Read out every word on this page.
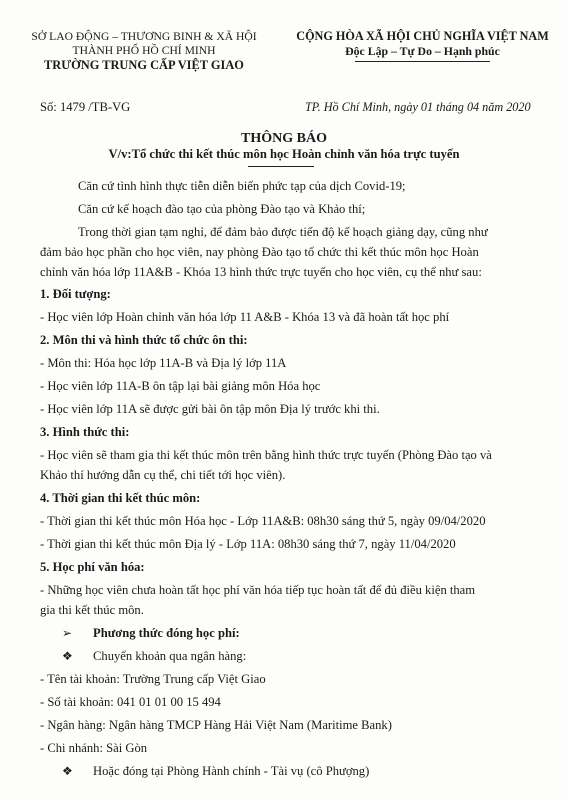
SỞ LAO ĐỘNG – THƯƠNG BINH & XÃ HỘI
THÀNH PHỐ HỒ CHÍ MINH
TRƯỜNG TRUNG CẤP VIỆT GIAO
CỘNG HÒA XÃ HỘI CHỦ NGHĨA VIỆT NAM
Độc Lập – Tự Do – Hạnh phúc
Số: 1479 /TB-VG	TP. Hồ Chí Minh, ngày 01 tháng 04 năm 2020
THÔNG BÁO
V/v:Tổ chức thi kết thúc môn học Hoàn chỉnh văn hóa trực tuyến
Căn cứ tình hình thực tiễn diễn biến phức tạp của dịch Covid-19;
Căn cứ kế hoạch đào tạo của phòng Đào tạo và Khảo thí;
Trong thời gian tạm nghỉ, để đảm bảo được tiến độ kế hoạch giảng dạy, cũng như
đảm bảo học phần cho học viên, nay phòng Đào tạo tổ chức thi kết thúc môn học Hoàn
chỉnh văn hóa lớp 11A&B - Khóa 13 hình thức trực tuyến cho học viên, cụ thể như sau:
1. Đối tượng:
- Học viên lớp Hoàn chỉnh văn hóa lớp 11 A&B - Khóa 13 và đã hoàn tất học phí
2. Môn thi và hình thức tổ chức ôn thi:
- Môn thi: Hóa học lớp 11A-B và Địa lý lớp 11A
- Học viên lớp 11A-B ôn tập lại bài giảng môn Hóa học
- Học viên lớp 11A sẽ được gửi bài ôn tập môn Địa lý trước khi thi.
3. Hình thức thi:
- Học viên sẽ tham gia thi kết thúc môn trên bằng hình thức trực tuyến (Phòng Đào tạo và
Khảo thí hướng dẫn cụ thể, chi tiết tới học viên).
4. Thời gian thi kết thúc môn:
- Thời gian thi kết thúc môn Hóa học - Lớp 11A&B: 08h30 sáng thứ 5, ngày 09/04/2020
- Thời gian thi kết thúc môn Địa lý - Lớp 11A: 08h30 sáng thứ 7, ngày 11/04/2020
5. Học phí văn hóa:
- Những học viên chưa hoàn tất học phí văn hóa tiếp tục hoàn tất để đủ điều kiện tham
gia thi kết thúc môn.
➢ Phương thức đóng học phí:
❖ Chuyển khoản qua ngân hàng:
- Tên tài khoản: Trường Trung cấp Việt Giao
- Số tài khoản: 041 01 01 00 15 494
- Ngân hàng: Ngân hàng TMCP Hàng Hải Việt Nam (Maritime Bank)
- Chi nhánh: Sài Gòn
❖ Hoặc đóng tại Phòng Hành chính - Tài vụ (cô Phượng)
